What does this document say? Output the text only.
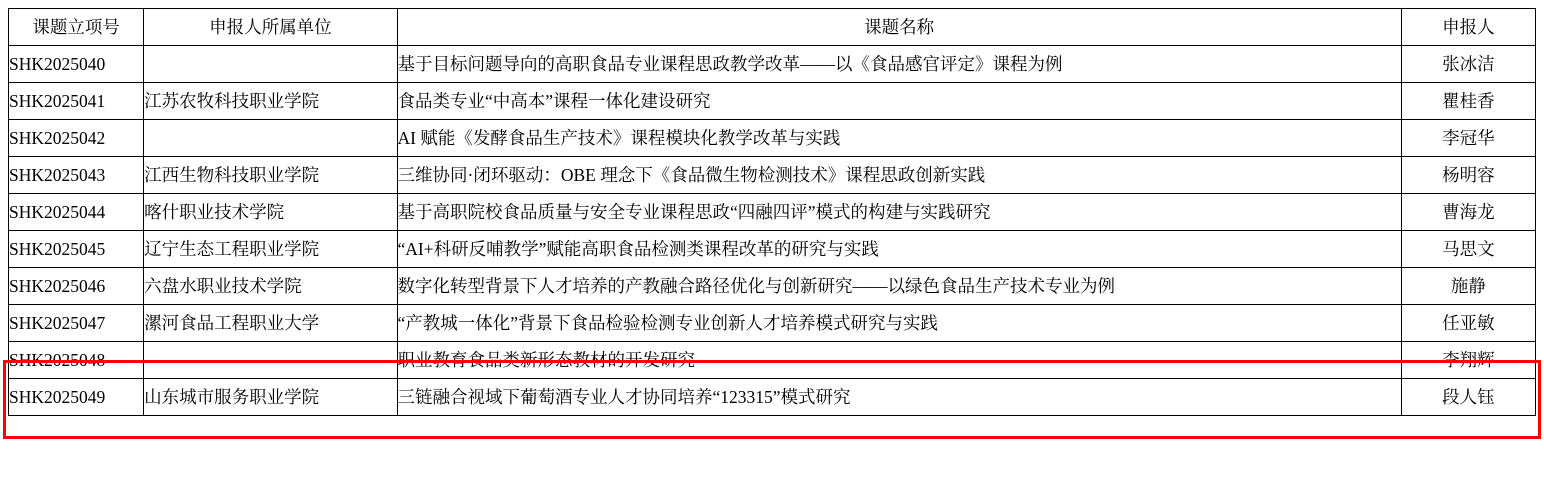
课题立项号	申报人所属单位	课题名称	申报人
SHK2025040		基于目标问题导向的高职食品专业课程思政教学改革——以《食品感官评定》课程为例	张冰洁
SHK2025041	江苏农牧科技职业学院	食品类专业“中高本”课程一体化建设研究	瞿桂香
SHK2025042		AI 赋能《发酵食品生产技术》课程模块化教学改革与实践	李冠华
SHK2025043	江西生物科技职业学院	三维协同·闭环驱动：OBE 理念下《食品微生物检测技术》课程思政创新实践	杨明容
SHK2025044	喀什职业技术学院	基于高职院校食品质量与安全专业课程思政“四融四评”模式的构建与实践研究	曹海龙
SHK2025045	辽宁生态工程职业学院	“AI+科研反哺教学”赋能高职食品检测类课程改革的研究与实践	马思文
SHK2025046	六盘水职业技术学院	数字化转型背景下人才培养的产教融合路径优化与创新研究——以绿色食品生产技术专业为例	施静
SHK2025047	漯河食品工程职业大学	“产教城一体化”背景下食品检验检测专业创新人才培养模式研究与实践	任亚敏
SHK2025048		职业教育食品类新形态教材的开发研究	李翔辉
SHK2025049	山东城市服务职业学院	三链融合视域下葡萄酒专业人才协同培养“123315”模式研究	段人钰
